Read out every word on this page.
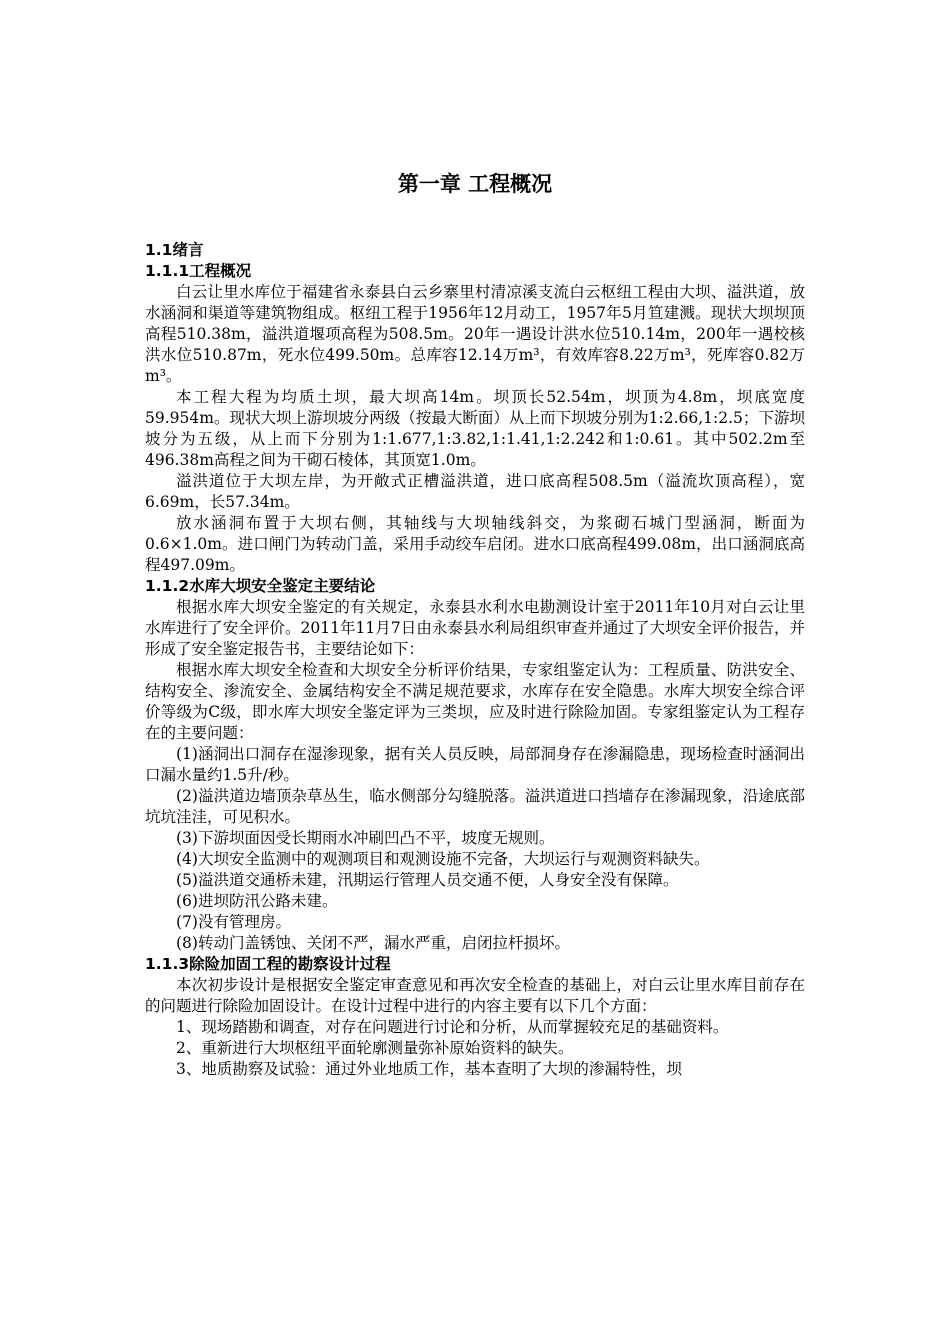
第一章 工程概况
1.1绪言
1.1.1工程概况
白云让里水库位于福建省永泰县白云乡寨里村清凉溪支流白云枢纽工程由大坝、溢洪道，放水涵洞和渠道等建筑物组成。枢纽工程于1956年12月动工，1957年5月笪建溅。现状大坝坝顶高程510.38m，溢洪道堰项高程为508.5m。20年一遇设计洪水位510.14m，200年一遇校核洪水位510.87m，死水位499.50m。总库容12.14万m³，有效库容8.22万m³，死库容0.82万m³。
本工程大程为均质土坝，最大坝高14m。坝顶长52.54m，坝顶为4.8m，坝底宽度59.954m。现状大坝上游坝坡分两级（按最大断面）从上而下坝坡分别为1:2.66,1:2.5；下游坝坡分为五级，从上而下分别为1:1.677,1:3.82,1:1.41,1:2.242和1:0.61。其中502.2m至496.38m高程之间为干砌石棱体，其顶宽1.0m。
溢洪道位于大坝左岸，为开敞式正槽溢洪道，进口底高程508.5m（溢流坎顶高程），宽6.69m，长57.34m。
放水涵洞布置于大坝右侧，其轴线与大坝轴线斜交，为浆砌石城门型涵洞，断面为0.6×1.0m。进口闸门为转动门盖，采用手动绞车启闭。进水口底高程499.08m，出口涵洞底高程497.09m。
1.1.2水库大坝安全鉴定主要结论
根据水库大坝安全鉴定的有关规定，永泰县水利水电勘测设计室于2011年10月对白云让里水库进行了安全评价。2011年11月7日由永泰县水利局组织审查并通过了大坝安全评价报告，并形成了安全鉴定报告书，主要结论如下：
根据水库大坝安全检查和大坝安全分析评价结果，专家组鉴定认为：工程质量、防洪安全、结构安全、渗流安全、金属结构安全不满足规范要求，水库存在安全隐患。水库大坝安全综合评价等级为C级，即水库大坝安全鉴定评为三类坝，应及时进行除险加固。专家组鉴定认为工程存在的主要问题：
(1)涵洞出口洞存在湿渗现象，据有关人员反映，局部洞身存在渗漏隐患，现场检查时涵洞出口漏水量约1.5升/秒。
(2)溢洪道边墙顶杂草丛生，临水侧部分勾缝脱落。溢洪道进口挡墙存在渗漏现象，沿途底部坑坑洼洼，可见积水。
(3)下游坝面因受长期雨水冲刷凹凸不平，坡度无规则。
(4)大坝安全监测中的观测项目和观测设施不完备，大坝运行与观测资料缺失。
(5)溢洪道交通桥未建，汛期运行管理人员交通不便，人身安全没有保障。
(6)进坝防汛公路未建。
(7)没有管理房。
(8)转动门盖锈蚀、关闭不严，漏水严重，启闭拉杆损坏。
1.1.3除险加固工程的勘察设计过程
本次初步设计是根据安全鉴定审查意见和再次安全检查的基础上，对白云让里水库目前存在的问题进行除险加固设计。在设计过程中进行的内容主要有以下几个方面：
1、现场踏勘和调查，对存在问题进行讨论和分析，从而掌握较充足的基础资料。
2、重新进行大坝枢纽平面轮廓测量弥补原始资料的缺失。
3、地质勘察及试验：通过外业地质工作，基本查明了大坝的渗漏特性，坝
